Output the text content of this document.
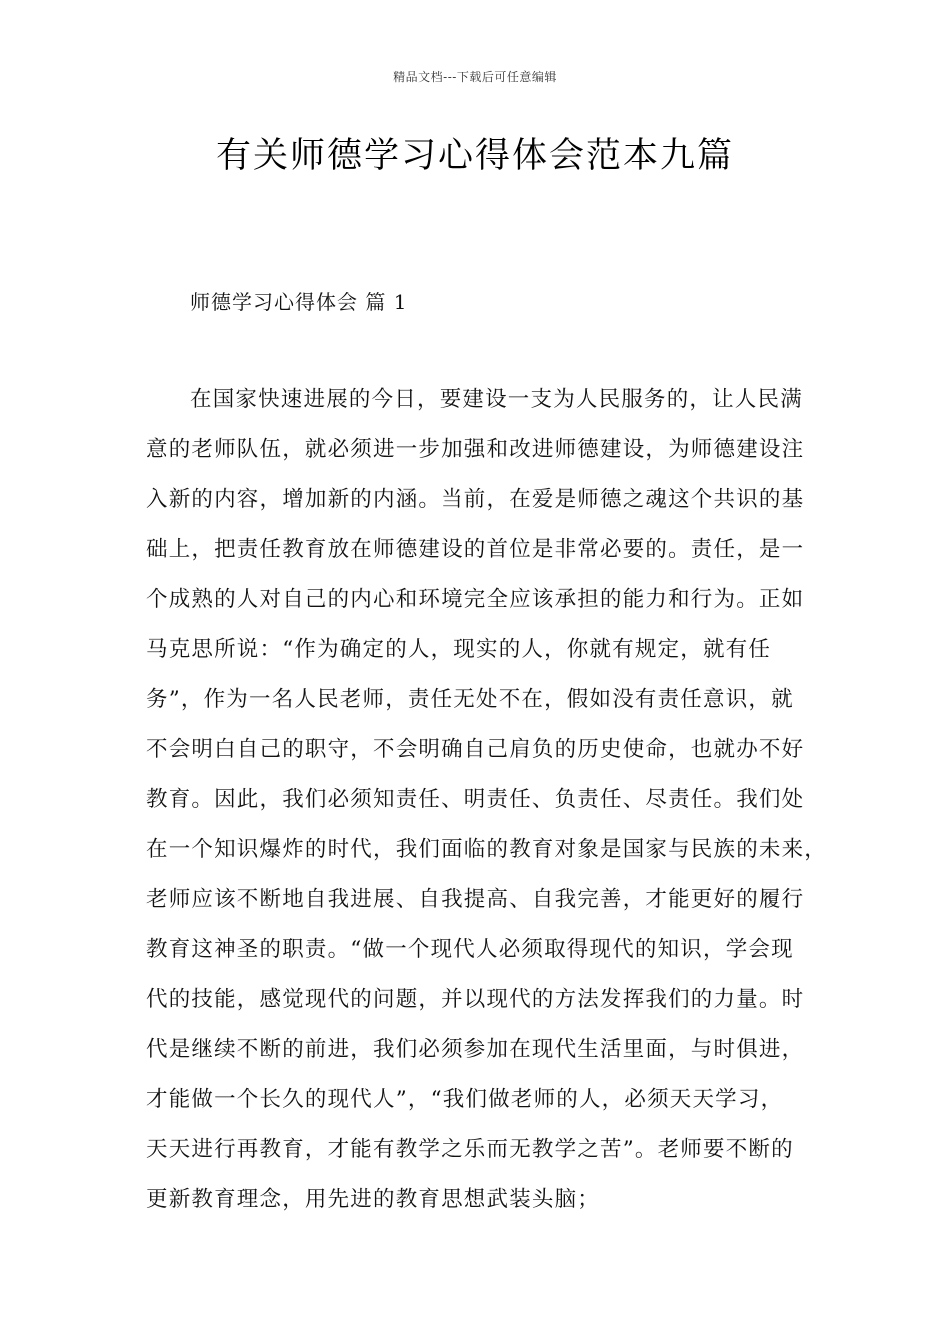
精品文档---下载后可任意编辑
有关师德学习心得体会范本九篇
师德学习心得体会 篇 1
在国家快速进展的今日，要建设一支为人民服务的，让人民满
意的老师队伍，就必须进一步加强和改进师德建设，为师德建设注
入新的内容，增加新的内涵。当前，在爱是师德之魂这个共识的基
础上，把责任教育放在师德建设的首位是非常必要的。责任，是一
个成熟的人对自己的内心和环境完全应该承担的能力和行为。正如
马克思所说：“作为确定的人，现实的人，你就有规定，就有任
务”，作为一名人民老师，责任无处不在，假如没有责任意识，就
不会明白自己的职守，不会明确自己肩负的历史使命，也就办不好
教育。因此，我们必须知责任、明责任、负责任、尽责任。我们处
在一个知识爆炸的时代，我们面临的教育对象是国家与民族的未来，
老师应该不断地自我进展、自我提高、自我完善，才能更好的履行
教育这神圣的职责。“做一个现代人必须取得现代的知识，学会现
代的技能，感觉现代的问题，并以现代的方法发挥我们的力量。时
代是继续不断的前进，我们必须参加在现代生活里面，与时俱进，
才能做一个长久的现代人”，“我们做老师的人，必须天天学习，
天天进行再教育，才能有教学之乐而无教学之苦”。老师要不断的
更新教育理念，用先进的教育思想武装头脑；
